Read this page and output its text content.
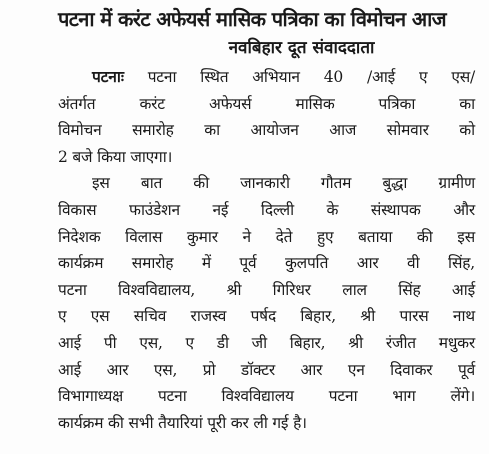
पटना में करंट अफेयर्स मासिक पत्रिका का विमोचन आज
नवबिहार दूत संवाददाता
पटनाः पटना स्थित अभियान 40 /आई ए एस/
अंतर्गत करंट अफेयर्स मासिक पत्रिका का
विमोचन समारोह का आयोजन आज सोमवार को
2 बजे किया जाएगा।
इस बात की जानकारी गौतम बुद्धा ग्रामीण
विकास फाउंडेशन नई दिल्ली के संस्थापक और
निदेशक विलास कुमार ने देते हुए बताया की इस
कार्यक्रम समारोह में पूर्व कुलपति आर वी सिंह,
पटना विश्वविद्यालय, श्री गिरिधर लाल सिंह आई
ए एस सचिव राजस्व पर्षद बिहार, श्री पारस नाथ
आई पी एस, ए डी जी बिहार, श्री रंजीत मधुकर
आई आर एस, प्रो डॉक्टर आर एन दिवाकर पूर्व
विभागाध्यक्ष पटना विश्वविद्यालय पटना भाग लेंगे।
कार्यक्रम की सभी तैयारियां पूरी कर ली गई है।
